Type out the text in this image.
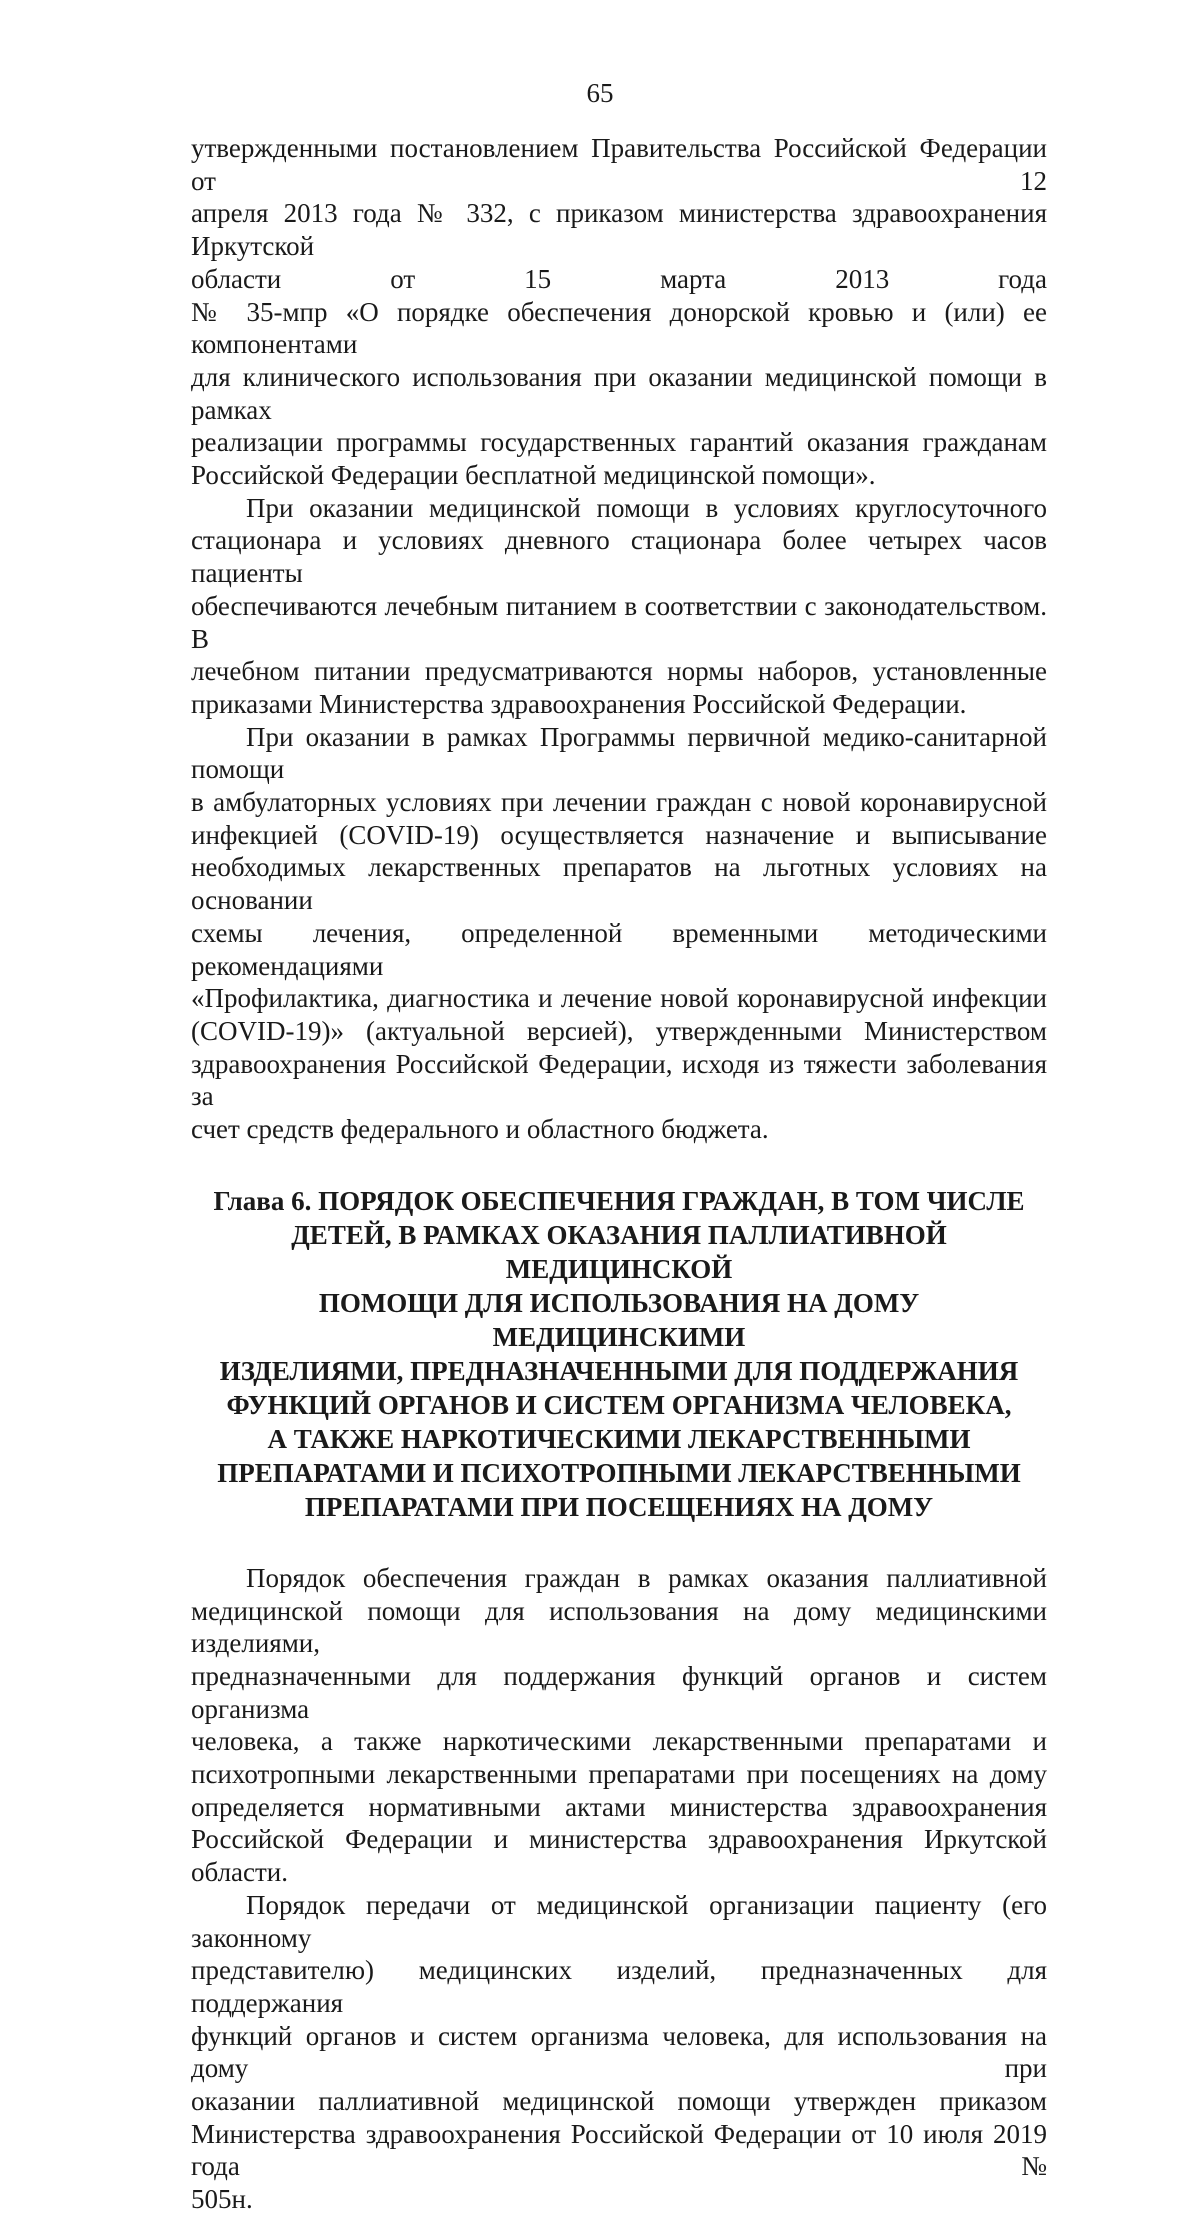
65
утвержденными постановлением Правительства Российской Федерации от 12
апреля 2013 года № 332, с приказом министерства здравоохранения Иркутской
области от 15 марта 2013 года
№ 35-мпр «О порядке обеспечения донорской кровью и (или) ее компонентами
для клинического использования при оказании медицинской помощи в рамках
реализации программы государственных гарантий оказания гражданам
Российской Федерации бесплатной медицинской помощи».
При оказании медицинской помощи в условиях круглосуточного
стационара и условиях дневного стационара более четырех часов пациенты
обеспечиваются лечебным питанием в соответствии с законодательством. В
лечебном питании предусматриваются нормы наборов, установленные
приказами Министерства здравоохранения Российской Федерации.
При оказании в рамках Программы первичной медико-санитарной помощи
в амбулаторных условиях при лечении граждан с новой коронавирусной
инфекцией (COVID-19) осуществляется назначение и выписывание
необходимых лекарственных препаратов на льготных условиях на основании
схемы лечения, определенной временными методическими рекомендациями
«Профилактика, диагностика и лечение новой коронавирусной инфекции
(COVID-19)» (актуальной версией), утвержденными Министерством
здравоохранения Российской Федерации, исходя из тяжести заболевания за
счет средств федерального и областного бюджета.
Глава 6. ПОРЯДОК ОБЕСПЕЧЕНИЯ ГРАЖДАН, В ТОМ ЧИСЛЕ
ДЕТЕЙ, В РАМКАХ ОКАЗАНИЯ ПАЛЛИАТИВНОЙ МЕДИЦИНСКОЙ
ПОМОЩИ ДЛЯ ИСПОЛЬЗОВАНИЯ НА ДОМУ МЕДИЦИНСКИМИ
ИЗДЕЛИЯМИ, ПРЕДНАЗНАЧЕННЫМИ ДЛЯ ПОДДЕРЖАНИЯ
ФУНКЦИЙ ОРГАНОВ И СИСТЕМ ОРГАНИЗМА ЧЕЛОВЕКА,
А ТАКЖЕ НАРКОТИЧЕСКИМИ ЛЕКАРСТВЕННЫМИ
ПРЕПАРАТАМИ И ПСИХОТРОПНЫМИ ЛЕКАРСТВЕННЫМИ
ПРЕПАРАТАМИ ПРИ ПОСЕЩЕНИЯХ НА ДОМУ
Порядок обеспечения граждан в рамках оказания паллиативной
медицинской помощи для использования на дому медицинскими изделиями,
предназначенными для поддержания функций органов и систем организма
человека, а также наркотическими лекарственными препаратами и
психотропными лекарственными препаратами при посещениях на дому
определяется нормативными актами министерства здравоохранения
Российской Федерации и министерства здравоохранения Иркутской области.
Порядок передачи от медицинской организации пациенту (его законному
представителю) медицинских изделий, предназначенных для поддержания
функций органов и систем организма человека, для использования на дому при
оказании паллиативной медицинской помощи утвержден приказом
Министерства здравоохранения Российской Федерации от 10 июля 2019 года №
505н.
